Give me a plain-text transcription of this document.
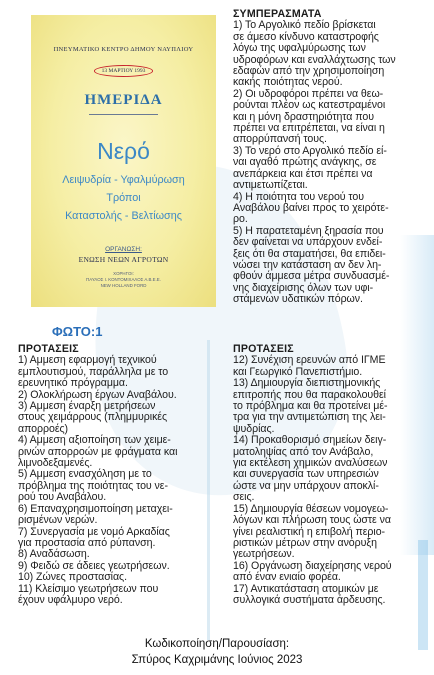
ΠΝΕΥΜΑΤΙΚΟ ΚΕΝΤΡΟ ΔΗΜΟΥ ΝΑΥΠΛΙΟΥ
13 ΜΑΡΤΙΟΥ 1993
ΗΜΕΡΙΔΑ
Νερό
Λειψυδρία - Υφαλμύρωση
Τρόποι
Καταστολής - Βελτίωσης
ΟΡΓΑΝΩΣΗ:
ΕΝΩΣΗ ΝΕΩΝ ΑΓΡΟΤΩΝ
ΧΟΡΗΓΟΙ:
ΠΑΥΛΟΣ Ι. ΚΟΝΤΟΜΙΧΑΛΟΣ Α.Β.Ε.Ε.
NEW HOLLAND FORD
ΦΩΤΟ:1
ΣΥΜΠΕΡΑΣΜΑΤΑ
1) Το Αργολικό πεδίο βρίσκεται
σε άμεσο κίνδυνο καταστροφής
λόγω της υφαλμύρωσης των
υδροφόρων και εναλλάχτωσης των
εδαφών από την χρησιμοποίηση
κακής ποιότητας νερού.
2) Οι υδροφόροι πρέπει να θεω-
ρούνται πλέον ως κατεστραμένοι
και η μόνη δραστηριότητα που
πρέπει να επιτρέπεται, να είναι η
απορρύπανσή τους.
3) Το νερό στο Αργολικό πεδίο εί-
ναι αγαθό πρώτης ανάγκης, σε
ανεπάρκεια και έτσι πρέπει να
αντιμετωπίζεται.
4) Η ποιότητα του νερού του
Αναβάλου βαίνει προς το χειρότε-
ρο.
5) Η παρατεταμένη ξηρασία που
δεν φαίνεται να υπάρχουν ενδεί-
ξεις ότι θα σταματήσει, θα επιδει-
νώσει την κατάσταση αν δεν λη-
φθούν άμμεσα μέτρα συνδυασμέ-
νης διαχείρισης όλων των υφι-
στάμενων υδατικών πόρων.
ΠΡΟΤΑΣΕΙΣ
1) Αμμεση εφαρμογή τεχνικού
εμπλουτισμού, παράλληλα με το
ερευνητικό πρόγραμμα.
2) Ολοκλήρωση έργων Αναβάλου.
3) Αμμεση έναρξη μετρήσεων
στους χειμάρρους (πλημμυρικές
απορροές)
4) Αμμεση αξιοποίηση των χειμε-
ρινών απορροών με φράγματα και
λιμνοδεξαμενές.
5) Αμμεση ενασχόληση με το
πρόβλημα της ποιότητας του νε-
ρού του Αναβάλου.
6) Επαναχρησιμοποίηση μεταχει-
ρισμένων νερών.
7) Συνεργασία με νομό Αρκαδίας
για προστασία από ρύπανση.
8) Αναδάσωση.
9) Φειδώ σε άδειες γεωτρήσεων.
10) Ζώνες προστασίας.
11) Κλείσιμο γεωτρήσεων που
έχουν υφάλμυρο νερό.
ΠΡΟΤΑΣΕΙΣ
12) Συνέχιση ερευνών από ΙΓΜΕ
και Γεωργικό Πανεπιστήμιο.
13) Δημιουργία διεπιστημονικής
επιτροπής που θα παρακολουθεί
το πρόβλημα και θα προτείνει μέ-
τρα για την αντιμετώπιση της λει-
ψυδρίας.
14) Προκαθορισμό σημείων δειγ-
ματοληψίας από τον Ανάβαλο,
για εκτέλεση χημικών αναλύσεων
και συνεργασία των υπηρεσιών
ώστε να μην υπάρχουν αποκλί-
σεις.
15) Δημιουργία θέσεων νομογεω-
λόγων και πλήρωση τους ώστε να
γίνει ρεαλιστική η επιβολή περιο-
ριστικών μέτρων στην ανόρυξη
γεωτρήσεων.
16) Οργάνωση διαχείρησης νερού
από έναν ενιαίο φορέα.
17) Αντικατάσταση ατομικών με
συλλογικά συστήματα άρδευσης.
Κωδικοποίηση/Παρουσίαση:
Σπύρος Καχριμάνης Ιούνιος 2023
